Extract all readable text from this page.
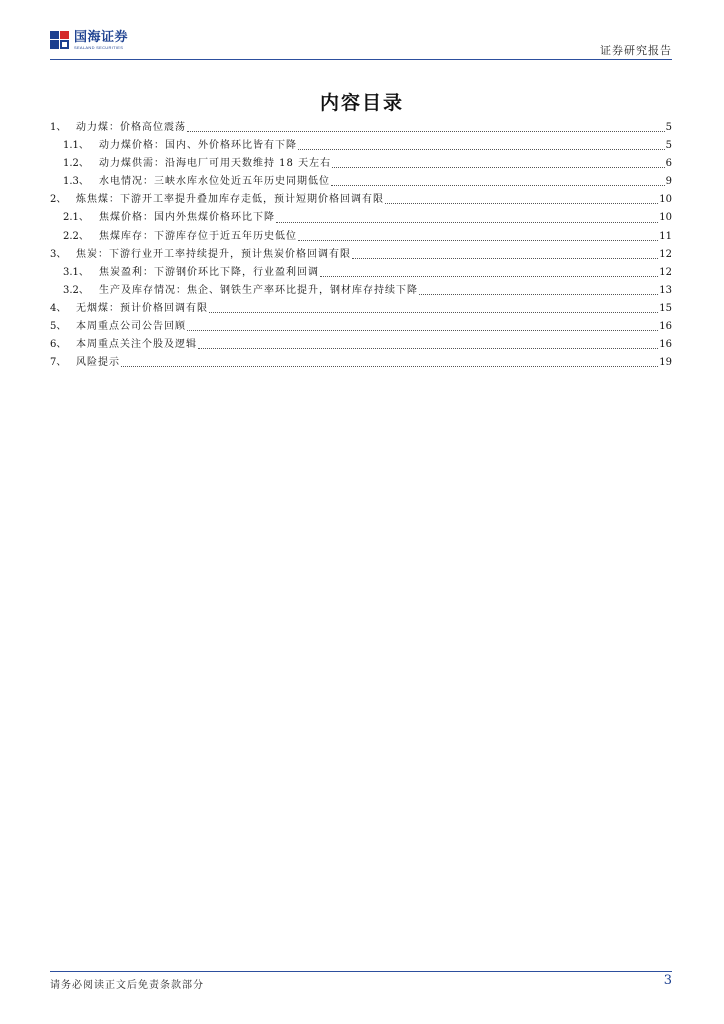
国海证券
SEALAND SECURITIES	证券研究报告
内容目录
1、 动力煤：价格高位震荡	5
1.1、	动力煤价格：国内、外价格环比皆有下降	5
1.2、	动力煤供需：沿海电厂可用天数维持 18 天左右	6
1.3、	水电情况：三峡水库水位处近五年历史同期低位	9
2、 炼焦煤：下游开工率提升叠加库存走低，预计短期价格回调有限	10
2.1、	焦煤价格：国内外焦煤价格环比下降	10
2.2、	焦煤库存：下游库存位于近五年历史低位	11
3、 焦炭：下游行业开工率持续提升，预计焦炭价格回调有限	12
3.1、	焦炭盈利：下游钢价环比下降，行业盈利回调	12
3.2、	生产及库存情况：焦企、钢铁生产率环比提升，钢材库存持续下降	13
4、 无烟煤：预计价格回调有限	15
5、 本周重点公司公告回顾	16
6、 本周重点关注个股及逻辑	16
7、 风险提示	19
请务必阅读正文后免责条款部分	3
